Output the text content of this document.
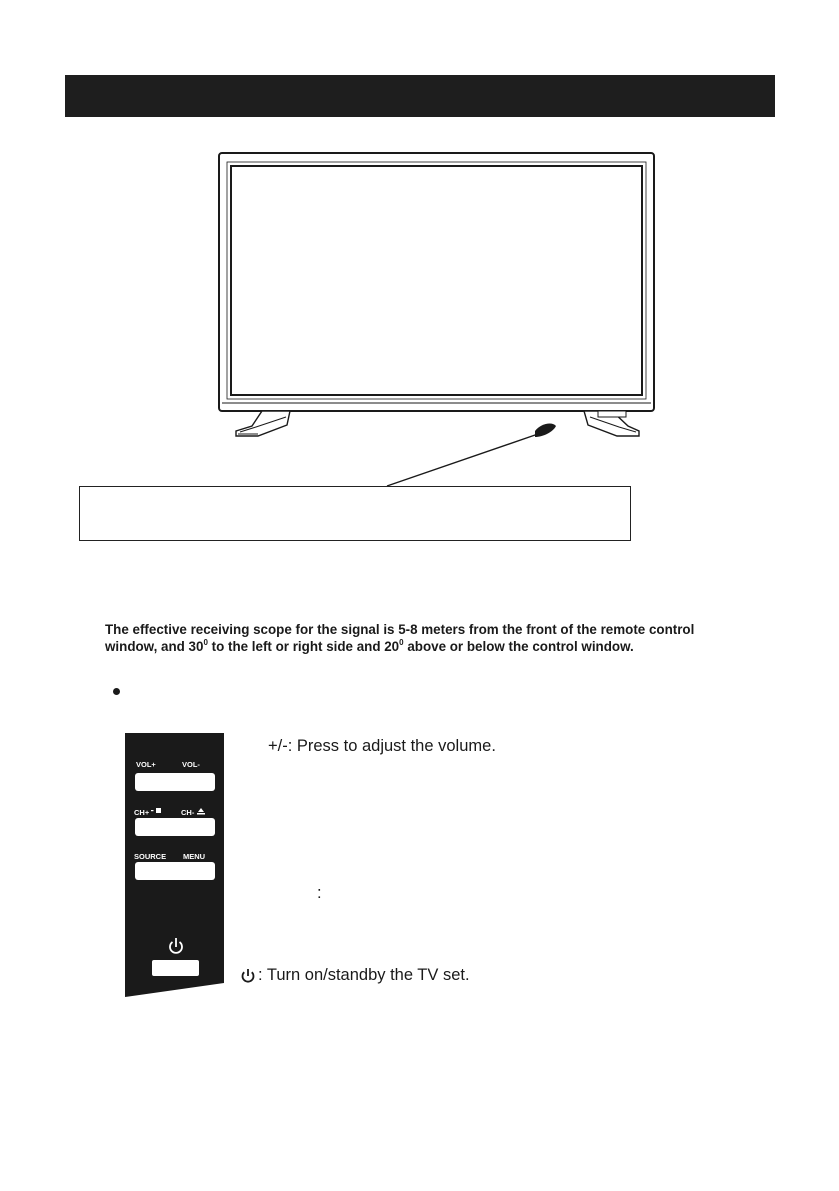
The effective receiving scope for the signal is 5-8 meters from the front of the remote control window, and $30^0$ to the left or right side and $20^0$ above or below the control window.
VOL+	VOL-
CH+	CH-
SOURCE MENU
+/-: Press to adjust the volume.
:
: Turn on/standby the TV set.
